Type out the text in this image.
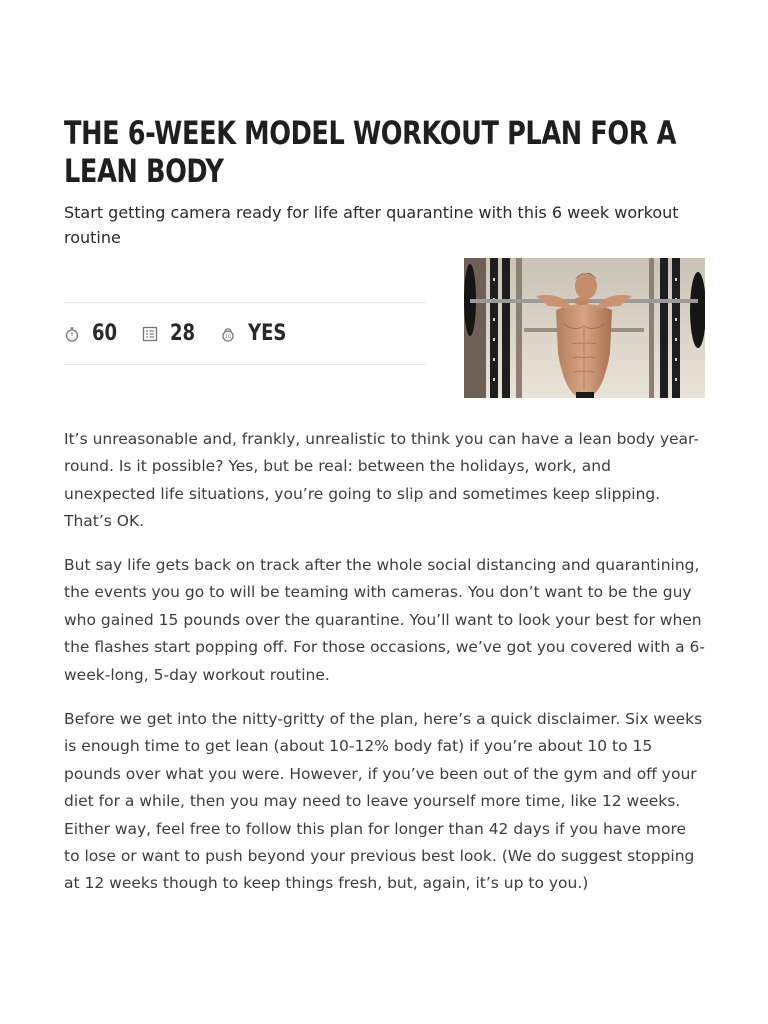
THE 6-WEEK MODEL WORKOUT PLAN FOR A LEAN BODY

Start getting camera ready for life after quarantine with this 6 week workout routine

60 28	10 YES

It’s unreasonable and, frankly, unrealistic to think you can have a lean body year-round. Is it possible? Yes, but be real: between the holidays, work, and unexpected life situations, you’re going to slip and sometimes keep slipping. That’s OK.

But say life gets back on track after the whole social distancing and quarantining, the events you go to will be teaming with cameras. You don’t want to be the guy who gained 15 pounds over the quarantine. You’ll want to look your best for when the flashes start popping off. For those occasions, we’ve got you covered with a 6-week-long, 5-day workout routine.

Before we get into the nitty-gritty of the plan, here’s a quick disclaimer. Six weeks is enough time to get lean (about 10-12% body fat) if you’re about 10 to 15 pounds over what you were. However, if you’ve been out of the gym and off your diet for a while, then you may need to leave yourself more time, like 12 weeks. Either way, feel free to follow this plan for longer than 42 days if you have more to lose or want to push beyond your previous best look. (We do suggest stopping at 12 weeks though to keep things fresh, but, again, it’s up to you.)
